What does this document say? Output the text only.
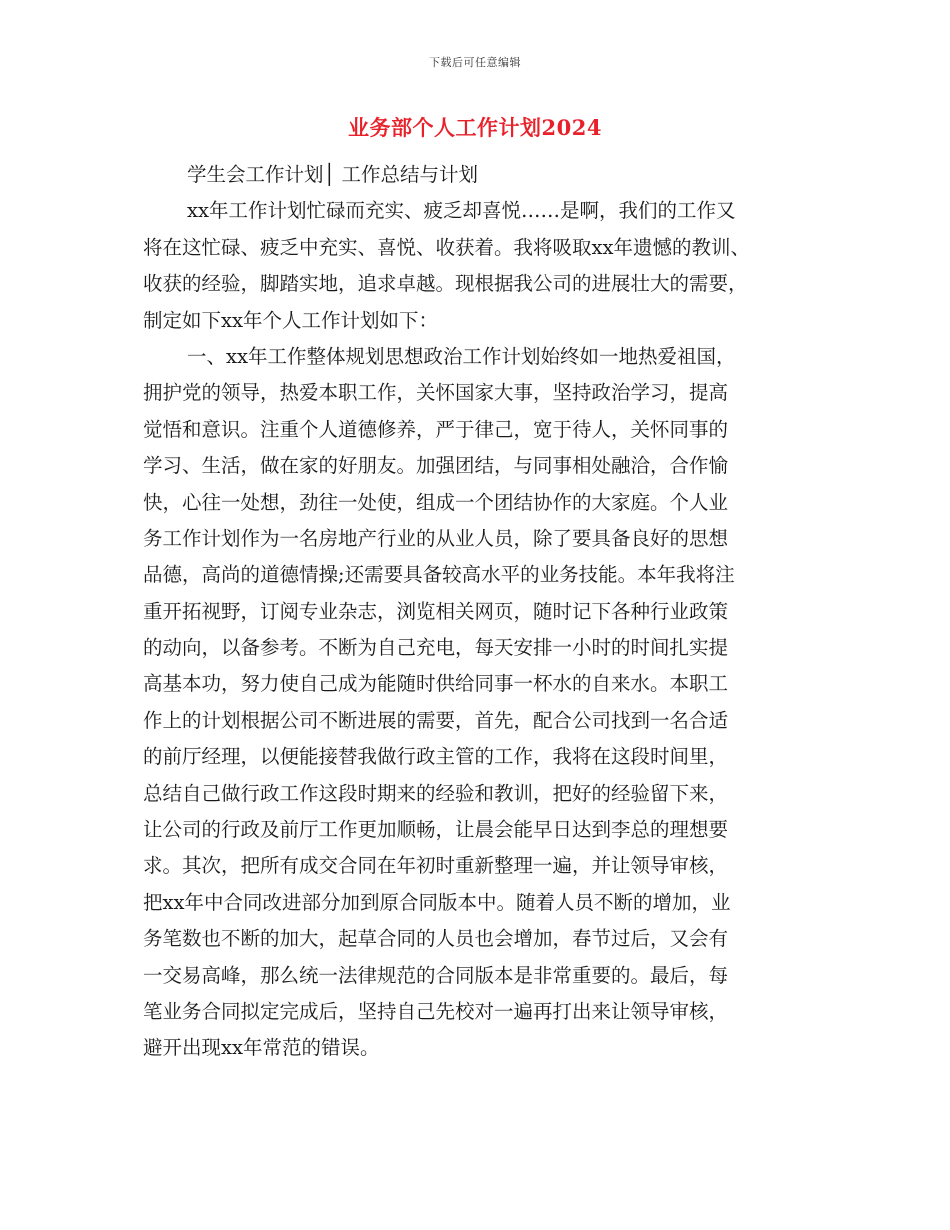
下载后可任意编辑
业务部个人工作计划2024
学生会工作计划│ 工作总结与计划
xx年工作计划忙碌而充实、疲乏却喜悦……是啊，我们的工作又
将在这忙碌、疲乏中充实、喜悦、收获着。我将吸取xx年遗憾的教训、
收获的经验，脚踏实地，追求卓越。现根据我公司的进展壮大的需要，
制定如下xx年个人工作计划如下：
一、xx年工作整体规划思想政治工作计划始终如一地热爱祖国，
拥护党的领导，热爱本职工作，关怀国家大事，坚持政治学习，提高
觉悟和意识。注重个人道德修养，严于律己，宽于待人，关怀同事的
学习、生活，做在家的好朋友。加强团结，与同事相处融洽，合作愉
快，心往一处想，劲往一处使，组成一个团结协作的大家庭。个人业
务工作计划作为一名房地产行业的从业人员，除了要具备良好的思想
品德，高尚的道德情操;还需要具备较高水平的业务技能。本年我将注
重开拓视野，订阅专业杂志，浏览相关网页，随时记下各种行业政策
的动向，以备参考。不断为自己充电，每天安排一小时的时间扎实提
高基本功，努力使自己成为能随时供给同事一杯水的自来水。本职工
作上的计划根据公司不断进展的需要，首先，配合公司找到一名合适
的前厅经理，以便能接替我做行政主管的工作，我将在这段时间里，
总结自己做行政工作这段时期来的经验和教训，把好的经验留下来，
让公司的行政及前厅工作更加顺畅，让晨会能早日达到李总的理想要
求。其次，把所有成交合同在年初时重新整理一遍，并让领导审核，
把xx年中合同改进部分加到原合同版本中。随着人员不断的增加，业
务笔数也不断的加大，起草合同的人员也会增加，春节过后，又会有
一交易高峰，那么统一法律规范的合同版本是非常重要的。最后，每
笔业务合同拟定完成后，坚持自己先校对一遍再打出来让领导审核，
避开出现xx年常范的错误。
